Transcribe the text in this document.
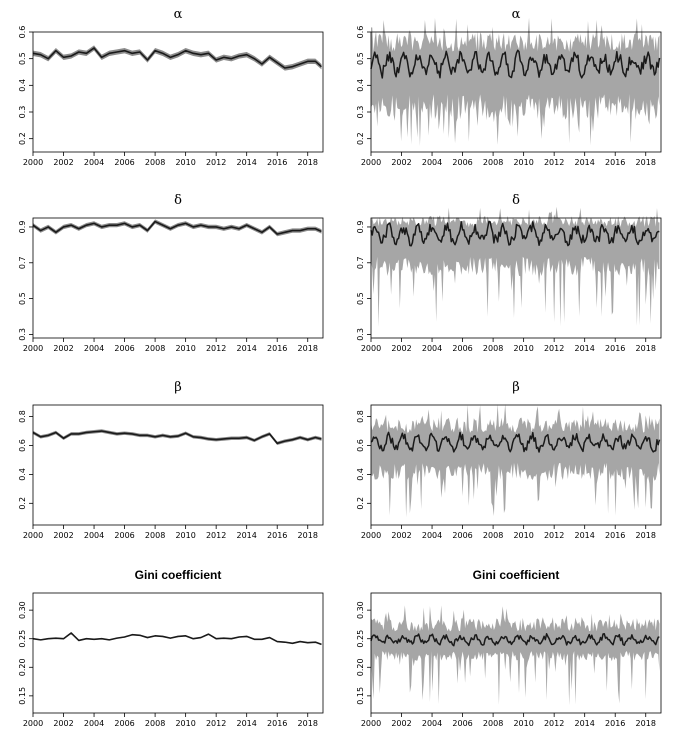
α
2000 2002 2004 2006 2008 2010 2012 2014 2016 2018
0.2
0.3
0.4
0.5
0.6
α
2000 2002 2004 2006 2008 2010 2012 2014 2016 2018
0.2
0.3
0.4
0.5
0.6
δ
2000 2002 2004 2006 2008 2010 2012 2014 2016 2018
0.3
0.5
0.7
0.9
δ
2000 2002 2004 2006 2008 2010 2012 2014 2016 2018
0.3
0.5
0.7
0.9
β
2000 2002 2004 2006 2008 2010 2012 2014 2016 2018
0.2
0.4
0.6
0.8
β
2000 2002 2004 2006 2008 2010 2012 2014 2016 2018
0.2
0.4
0.6
0.8
Gini coefficient
2000 2002 2004 2006 2008 2010 2012 2014 2016 2018
0.15
0.20
0.25
0.30
Gini coefficient
2000 2002 2004 2006 2008 2010 2012 2014 2016 2018
0.15
0.20
0.25
0.30
